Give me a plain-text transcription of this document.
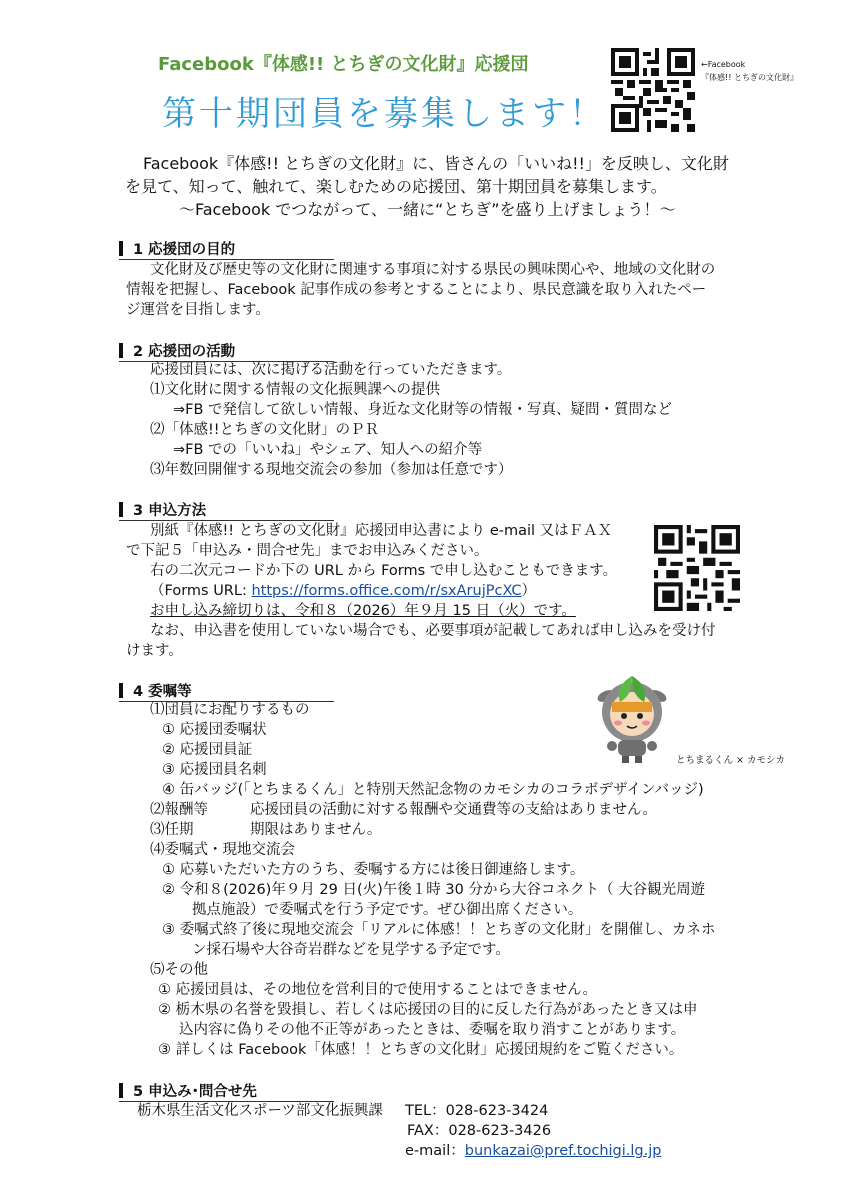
Facebook『体感!! とちぎの文化財』応援団
第十期団員を募集します！
←Facebook
『体感!! とちぎの文化財』
Facebook『体感!! とちぎの文化財』に、皆さんの「いいね!!」を反映し、文化財
を見て、知って、触れて、楽しむための応援団、第十期団員を募集します。
～Facebook でつながって、一緒に“とちぎ”を盛り上げましょう！～
1 応援団の目的
文化財及び歴史等の文化財に関連する事項に対する県民の興味関心や、地域の文化財の
情報を把握し、Facebook 記事作成の参考とすることにより、県民意識を取り入れたペー
ジ運営を目指します。
2 応援団の活動
応援団員には、次に掲げる活動を行っていただきます。
⑴文化財に関する情報の文化振興課への提供
⇒FB で発信して欲しい情報、身近な文化財等の情報・写真、疑問・質問など
⑵「体感!!とちぎの文化財」のＰＲ
⇒FB での「いいね」やシェア、知人への紹介等
⑶年数回開催する現地交流会の参加（参加は任意です）
3 申込方法
別紙『体感!! とちぎの文化財』応援団申込書により e-mail 又はＦＡＸ
で下記５「申込み・問合せ先」までお申込みください。
右の二次元コードか下の URL から Forms で申し込むこともできます。
（Forms URL: https://forms.office.com/r/sxArujPcXC）
お申し込み締切りは、令和８（2026）年９月 15 日（火）です。
なお、申込書を使用していない場合でも、必要事項が記載してあれば申し込みを受け付
けます。
4 委嘱等
とちまるくん × カモシカ
⑴団員にお配りするもの
① 応援団委嘱状
② 応援団員証
③ 応援団員名刺
④ 缶バッジ(「とちまるくん」と特別天然記念物のカモシカのコラボデザインバッジ)
⑵報酬等	応援団員の活動に対する報酬や交通費等の支給はありません。
⑶任期	期限はありません。
⑷委嘱式・現地交流会
① 応募いただいた方のうち、委嘱する方には後日御連絡します。
② 令和８(2026)年９月 29 日(火)午後１時 30 分から大谷コネクト（ 大谷観光周遊
拠点施設）で委嘱式を行う予定です。ぜひ御出席ください。
③ 委嘱式終了後に現地交流会「リアルに体感！！とちぎの文化財」を開催し、カネホ
ン採石場や大谷奇岩群などを見学する予定です。
⑸その他
① 応援団員は、その地位を営利目的で使用することはできません。
② 栃木県の名誉を毀損し、若しくは応援団の目的に反した行為があったとき又は申
込内容に偽りその他不正等があったときは、委嘱を取り消すことがあります。
③ 詳しくは Facebook「体感！！とちぎの文化財」応援団規約をご覧ください。
5 申込み･問合せ先
栃木県生活文化スポーツ部文化振興課 TEL：028-623-3424
FAX：028-623-3426
e-mail：bunkazai@pref.tochigi.lg.jp
